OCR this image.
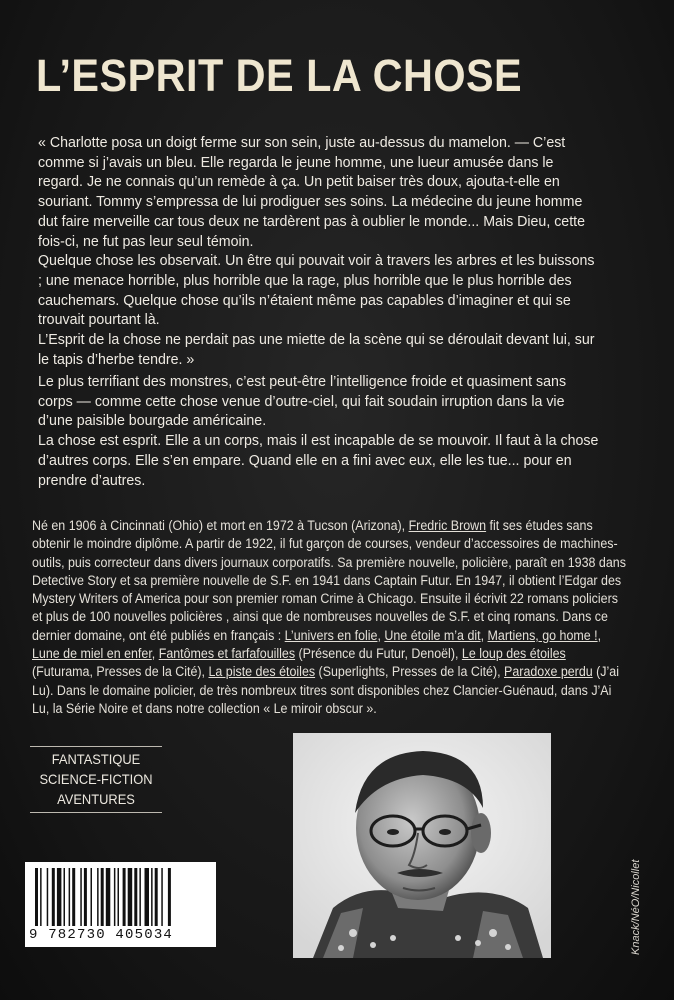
L’ESPRIT DE LA CHOSE

« Charlotte posa un doigt ferme sur son sein, juste au-dessus du mamelon. — C’est comme si j’avais un bleu. Elle regarda le jeune homme, une lueur amusée dans le regard. Je ne connais qu’un remède à ça. Un petit baiser très doux, ajouta-t-elle en souriant. Tommy s’empressa de lui prodiguer ses soins. La médecine du jeune homme dut faire merveille car tous deux ne tardèrent pas à oublier le monde... Mais Dieu, cette fois-ci, ne fut pas leur seul témoin.

Quelque chose les observait. Un être qui pouvait voir à travers les arbres et les buissons ; une menace horrible, plus horrible que la rage, plus horrible que le plus horrible des cauchemars. Quelque chose qu’ils n’étaient même pas capables d’imaginer et qui se trouvait pourtant là.

L’Esprit de la chose ne perdait pas une miette de la scène qui se déroulait devant lui, sur le tapis d’herbe tendre. »

Le plus terrifiant des monstres, c’est peut-être l’intelligence froide et quasiment sans corps — comme cette chose venue d’outre-ciel, qui fait soudain irruption dans la vie d’une paisible bourgade américaine.

La chose est esprit. Elle a un corps, mais il est incapable de se mouvoir. Il faut à la chose d’autres corps. Elle s’en empare. Quand elle en a fini avec eux, elle les tue... pour en prendre d’autres.

Né en 1906 à Cincinnati (Ohio) et mort en 1972 à Tucson (Arizona), Fredric Brown fit ses études sans obtenir le moindre diplôme. A partir de 1922, il fut garçon de courses, vendeur d’accessoires de machines-outils, puis correcteur dans divers journaux corporatifs. Sa première nouvelle, policière, paraît en 1938 dans Detective Story et sa première nouvelle de S.F. en 1941 dans Captain Futur. En 1947, il obtient l’Edgar des Mystery Writers of America pour son premier roman Crime à Chicago. Ensuite il écrivit 22 romans policiers et plus de 100 nouvelles policières , ainsi que de nombreuses nouvelles de S.F. et cinq romans. Dans ce dernier domaine, ont été publiés en français : L’univers en folie, Une étoile m’a dit, Martiens, go home !, Lune de miel en enfer, Fantômes et farfafouilles (Présence du Futur, Denoël), Le loup des étoiles (Futurama, Presses de la Cité), La piste des étoiles (Superlights, Presses de la Cité), Paradoxe perdu (J’ai Lu). Dans le domaine policier, de très nombreux titres sont disponibles chez Clancier-Guénaud, dans J’Ai Lu, la Série Noire et dans notre collection « Le miroir obscur ».

FANTASTIQUE
SCIENCE-FICTION
AVENTURES
Knack/NéO/Nicollet
9 782730 405034
